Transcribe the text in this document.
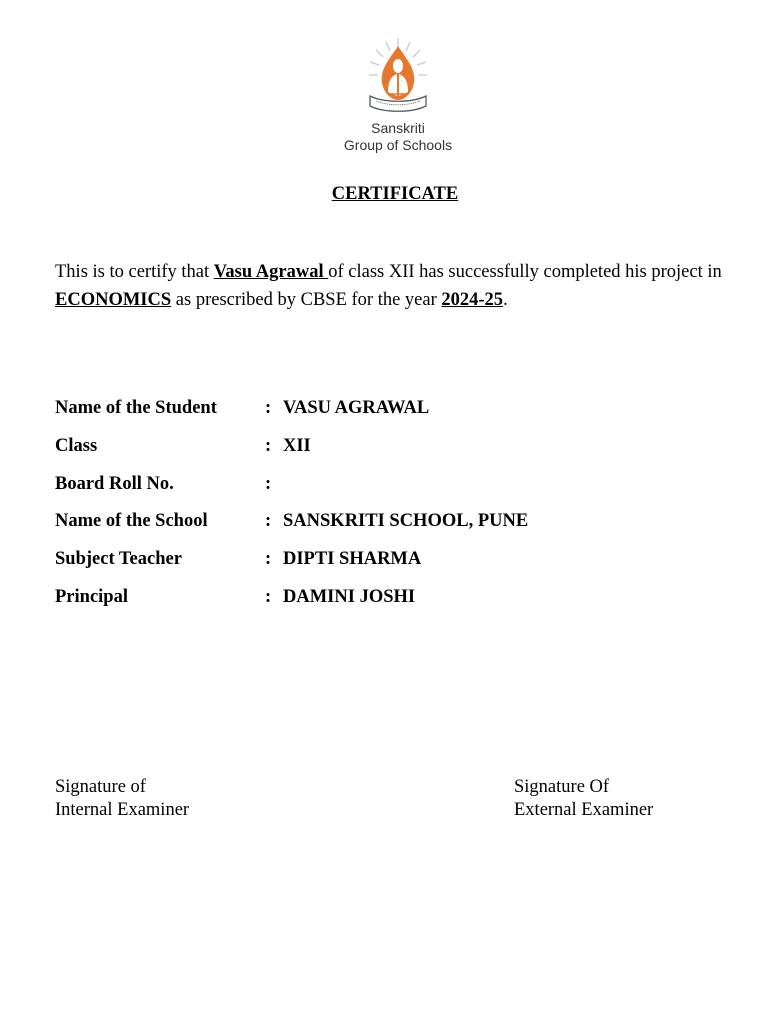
Sanskriti
Group of Schools
CERTIFICATE
This is to certify that Vasu Agrawal of class XII has successfully completed his project in ECONOMICS as prescribed by CBSE for the year 2024-25.
Name of the Student	: VASU AGRAWAL
Class	: XII
Board Roll No.	:
Name of the School	: SANSKRITI SCHOOL, PUNE
Subject Teacher	: DIPTI SHARMA
Principal	: DAMINI JOSHI
Signature of
Internal Examiner
Signature Of
External Examiner
